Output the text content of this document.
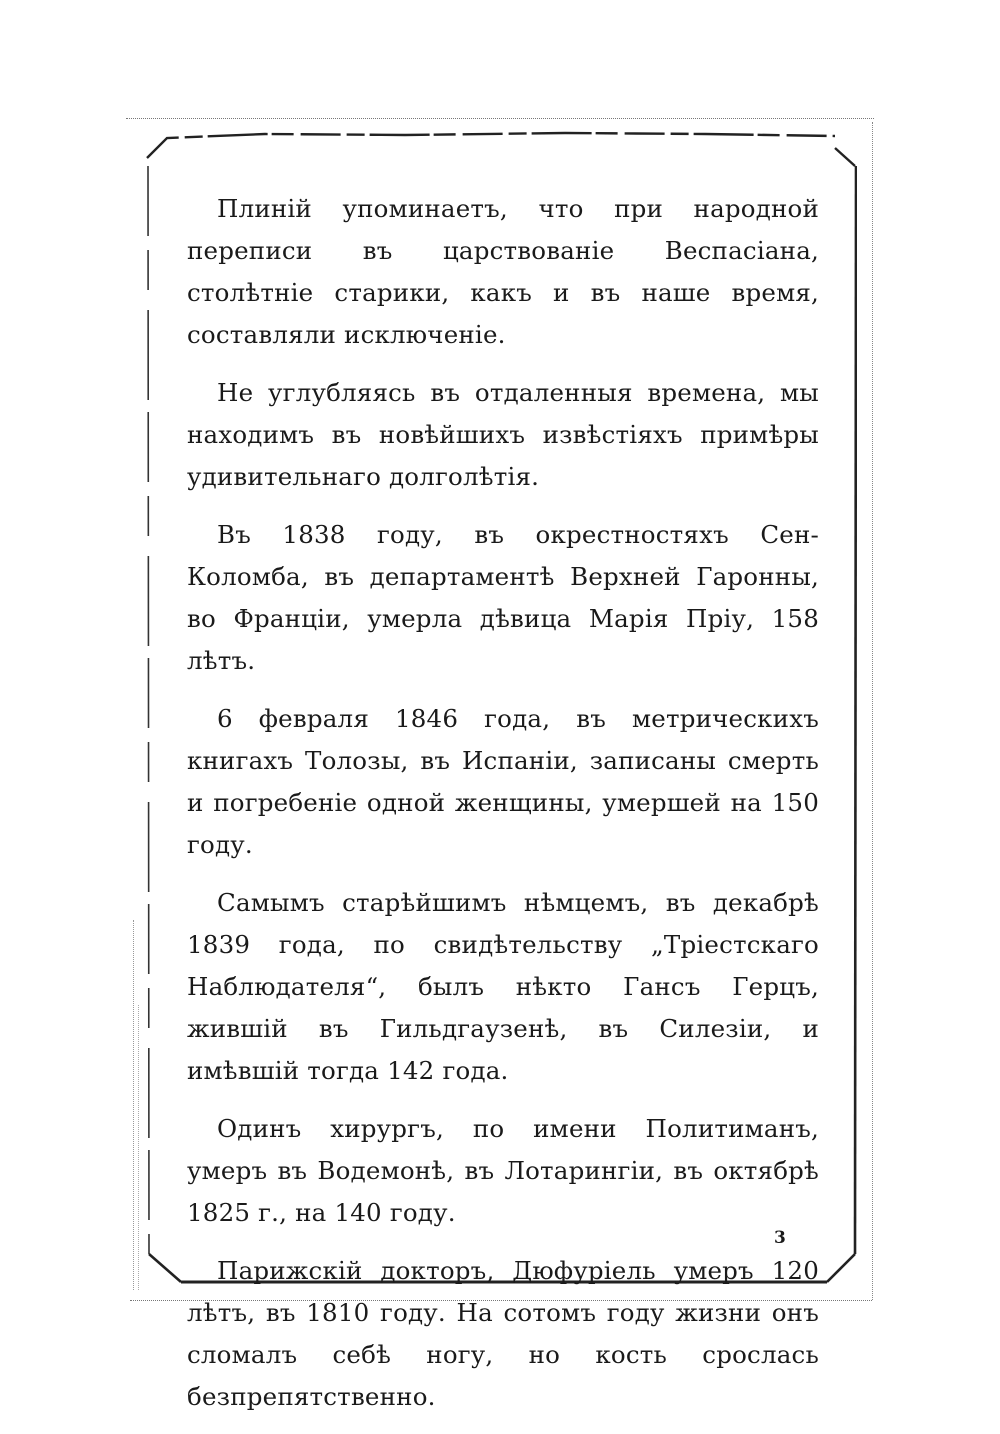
Плиній упоминаетъ, что при народной переписи въ царствованіе Веспасіана, столѣтніе старики, какъ и въ наше время, составляли исключеніе.

Не углубляясь въ отдаленныя времена, мы находимъ въ новѣйшихъ извѣстіяхъ примѣры удивительнаго долголѣтія.

Въ 1838 году, въ окрестностяхъ Сен-Коломба, въ департаментѣ Верхней Гаронны, во Франціи, умерла дѣвица Марія Пріу, 158 лѣтъ.

6 февраля 1846 года, въ метрическихъ книгахъ Толозы, въ Испаніи, записаны смерть и погребеніе одной женщины, умершей на 150 году.

Самымъ старѣйшимъ нѣмцемъ, въ декабрѣ 1839 года, по свидѣтельству „Тріестскаго Наблюдателя“, былъ нѣкто Гансъ Герцъ, жившій въ Гильдгаузенѣ, въ Силезіи, и имѣвшій тогда 142 года.

Одинъ хирургъ, по имени Политиманъ, умеръ въ Водемонѣ, въ Лотарингіи, въ октябрѣ 1825 г., на 140 году.

Парижскій докторъ, Дюфуріель умеръ 120 лѣтъ, въ 1810 году. На сотомъ году жизни онъ сломалъ себѣ ногу, но кость срослась безпрепятственно.

3
